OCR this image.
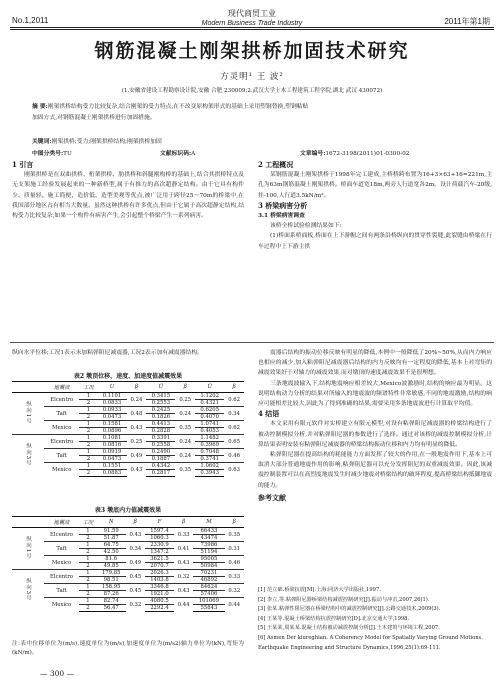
No.1,2011
现代商贸工业
Modern Business Trade Industry	2011年第1期
钢筋混凝土刚架拱桥加固技术研究
方灵明¹ 王 波²
(1.安徽省建设工程勘察设计院,安徽 合肥 230009;2.武汉大学土木工程建筑工程学院,湖北 武汉 430072)
摘 要:刚架拱桥结构受力比较复杂,结合刚架的受力特点,在不改变原构架形式的基础上采用塑钢替换,塑钢粘贴
加固方式,对钢筋混凝土刚架拱桥进行加固措施。
关键词:刚架拱桥;受力;刚架拱桥结构;刚架拱桥加固
中图分类号:TU	文献标识码:A	文章编号:1672-3198(2011)01-0300-02
1 引言
刚架拱桥是在双曲拱桥、桁架拱桥、肋拱桥和斜腿刚构桥的基础上,结合其拱桥特点及无支架施工经验发展起来的一种新桥型,属于有推力的高次超静定结构。由于它具有构件少、质量轻、施工简便、造价低、造型美观等优点,被广泛用于跨径25～70m的桥梁中,在我国部分地区占有相当大数量。虽然这种拱桥有许多优点,但由于它属于高次超静定结构,结构受力比较复杂,如果一个构件有病害产生,会引起整个桥梁产生一系列病害。
2 工程概况
某钢筋混凝土刚架拱桥于1998年完工建成,主桥桥跨布置为16+3×63+16=221m,主孔为63m钢筋混凝土刚架拱桥。桥面车道宽18m,两旁人行道宽各2m。设计荷载汽车-20级,挂-100,人行道3.5kN/m²。
3 桥梁病害分析
3.1 桥梁病害调查
该桥全桥试验检测结果如下:
(1)桥面系桥面板,桥面在上下游帽之间有两条沿桥纵向的贯穿性裂缝,此裂缝由桥梁在行车过程中上下游主拱
纵向水平位移;工况1表示未加粘弹阻尼减震器,工况2表示加有减震器结构。
表2 墩顶位移、速度、加速度值减震效果
	地震波	工况	U	β	Ü	β	Ü	β
纵向1号	Elcentro	1	0.1101	0.24	0.3415	0.25	1.1202	0.62
		2	0.0833		0.2553		0.4321	
	Taft	1	0.0933	0.48	0.2425	0.24	0.6205	0.34
		2	0.0473		0.1826		0.4070	
	Mexico	1	0.1581	0.43	0.4413	0.35	1.0741	0.62
		2	0.0896		0.2828		0.4053	
纵向3号	Elcentro	1	0.1081	0.25	0.3391	0.24	1.1482	0.65
		2	0.0816		0.2558		0.3969	
	Taft	1	0.0919	0.49	0.2490	0.24	0.7048	0.46
		2	0.0473		0.1887		0.3741	
	Mexico	1	0.1551	0.43	0.4342	0.35	1.0602	0.63
		2	0.0883		0.2817		0.3943	
表3 墩底内力值减震效果
	地震波	工况	N	β	F	β	M	β
纵向1号	Elcentro	1	91.59	0.43	1597.4	0.33	66433	0.35
		2	51.87		1060.3		43474	
	Taft	1	64.75	0.34	2330.9	0.41	73986	0.31
		2	42.50		1347.2		51194	
	Mexico	1	81.6	0.49	3621.5	0.43	95005	0.46
		2	49.85		2070.7		50984	
纵向3号	Elcentro	1	179.85	0.45	2026.3	0.32	70231	0.33
		2	98.51		1403.8		46892	
	Taft	1	158.95	0.45	3346.8	0.43	84624	0.32
		2	87.26		1921.0		57406	
	Mexico	1	82.74	0.32	4080.5	0.44	101069	0.44
		2	56.47		2292.4		55843	
注:表中位移单位为(m/s),速度单位为(m/s),加速度单位为(m/s2)轴力单位为(kN),弯矩为(kN/m)。
震器后结构的振动位移反映有明显的降低,本例中一般降低了20%~50%,从而内力响应也相应的减少,加入粘弹阻尼减震器后结构的内力反映均有一定程度的降低,基本上对弯矩的减震效果好于对轴力的减震效果,而对墩顶的速度减震效果不是很理想。
三条地震波输入下,结构地震响应相差较大,Mexico波激励时,结构的响应最为明显。这说明结构动力分析的结果对所输入的地震波的频谱特性非常敏感,不同的地震激励,结构的响应可能相差比较大,因此为了得到准确的结果,需要采用多条地震波进行计算取平均值。
4 结语
本文采用有限元软件对实桥建立有限元模型,对设有粘弹阻尼减震器的桥梁结构进行了被动控制模拟分析,并对粘弹阻尼器的参数进行了选择。通过对该桥的减震控制模拟分析,计算结果表明安装有粘弹阻尼减震器的桥梁结构振动位移和内力均有明显的降低。
粘弹阻尼器在提高结构的耗能能力方面发挥了较大的作用,在一般地震作用下,基本上可取消大部分普通地震作用的影响,粘弹阻尼器可以充分发挥阻尼的双重减震效果。因此,该减震控制装置可以在高烈度地震发生时减少地震对桥梁结构的破坏程度,提高桥梁结构抵御地震的能力。
参考文献
[1] 范立础.桥梁抗震[M].上海:同济大学出版社,1997.
[2] 李立,等.粘弹阻尼器桥梁结构减震控制研究[J].振动与冲击,2007,26(1).
[3] 张某.粘弹性阻尼器在桥梁结构中的减震控制研究[J].公路交通技术,2009(3).
[4] 王某等.混凝土桥梁结构抗震控制研究[D].北京交通大学,1998.
[5] 王某某,周某某.混凝土结构被动减震控制分析[J].土木建筑与环境工程,2007.
[6] Asmen Der kiureghian. A Coherency Model for Spatially Varying Ground Motions. Earthquake Engineering and Structure Dynamics,1996,25(1):69-111.
— 300 —
